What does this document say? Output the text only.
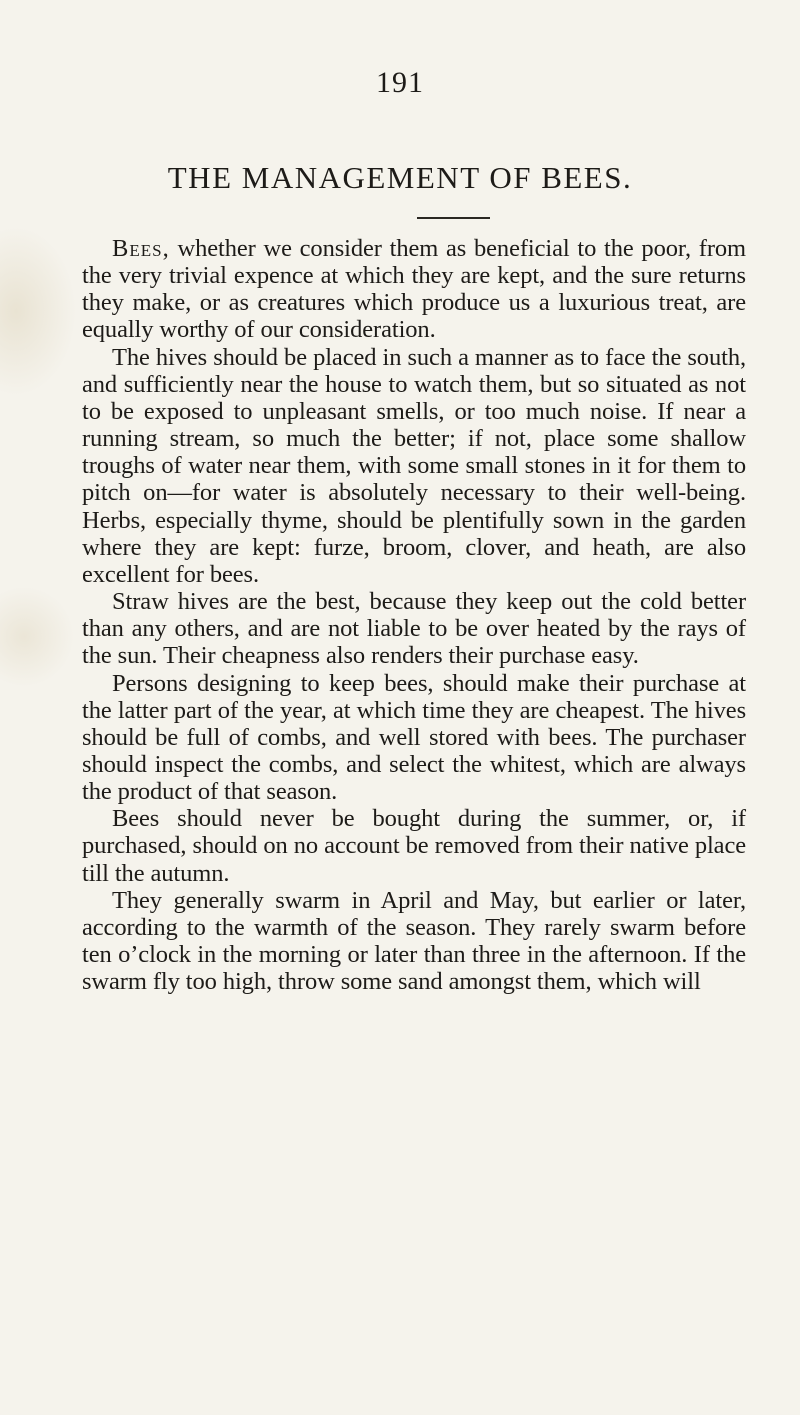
191
THE MANAGEMENT OF BEES.

Bees, whether we consider them as beneficial to the poor, from the very trivial expence at which they are kept, and the sure returns they make, or as creatures which produce us a luxurious treat, are equally worthy of our consideration.

The hives should be placed in such a manner as to face the south, and sufficiently near the house to watch them, but so situated as not to be exposed to unpleasant smells, or too much noise. If near a running stream, so much the better; if not, place some shallow troughs of water near them, with some small stones in it for them to pitch on—for water is absolutely necessary to their well-being. Herbs, especially thyme, should be plentifully sown in the garden where they are kept: furze, broom, clover, and heath, are also excellent for bees.

Straw hives are the best, because they keep out the cold better than any others, and are not liable to be over heated by the rays of the sun. Their cheapness also renders their purchase easy.

Persons designing to keep bees, should make their purchase at the latter part of the year, at which time they are cheapest. The hives should be full of combs, and well stored with bees. The purchaser should inspect the combs, and select the whitest, which are always the product of that season.

Bees should never be bought during the summer, or, if purchased, should on no account be removed from their native place till the autumn.

They generally swarm in April and May, but earlier or later, according to the warmth of the season. They rarely swarm before ten o’clock in the morning or later than three in the afternoon. If the swarm fly too high, throw some sand amongst them, which will
